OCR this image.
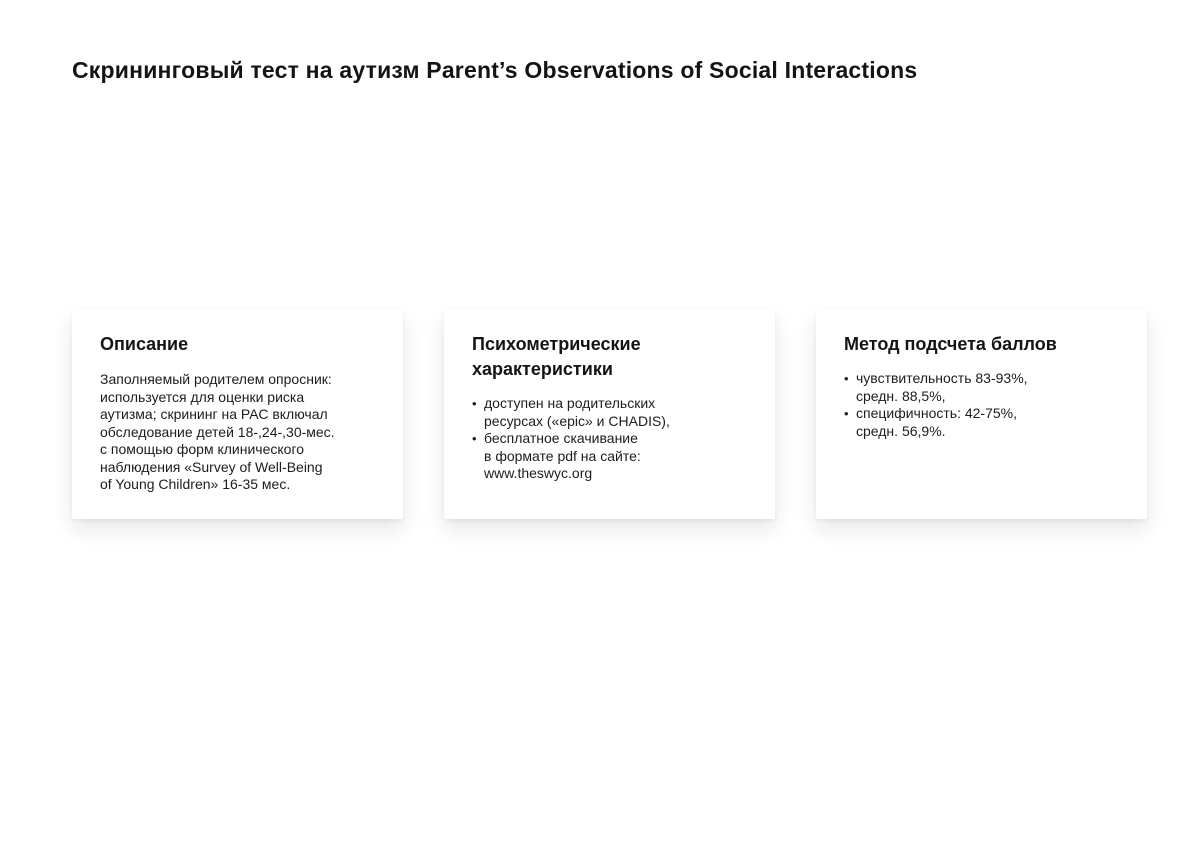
Скрининговый тест на аутизм Parent’s Observations of Social Interactions
Описание

Заполняемый родителем опросник:
используется для оценки риска
аутизма; скрининг на РАС включал
обследование детей 18-,24-,30-мес.
с помощью форм клинического
наблюдения «Survey of Well-Being
of Young Children» 16-35 мес.

Психометрические характеристики
• доступен на родительских
ресурсах («epic» и CHADIS),
• бесплатное скачивание
в формате pdf на сайте:
www.theswyc.org
Метод подсчета баллов
• чувствительность 83-93%,
средн. 88,5%,
• специфичность: 42-75%,
средн. 56,9%.
